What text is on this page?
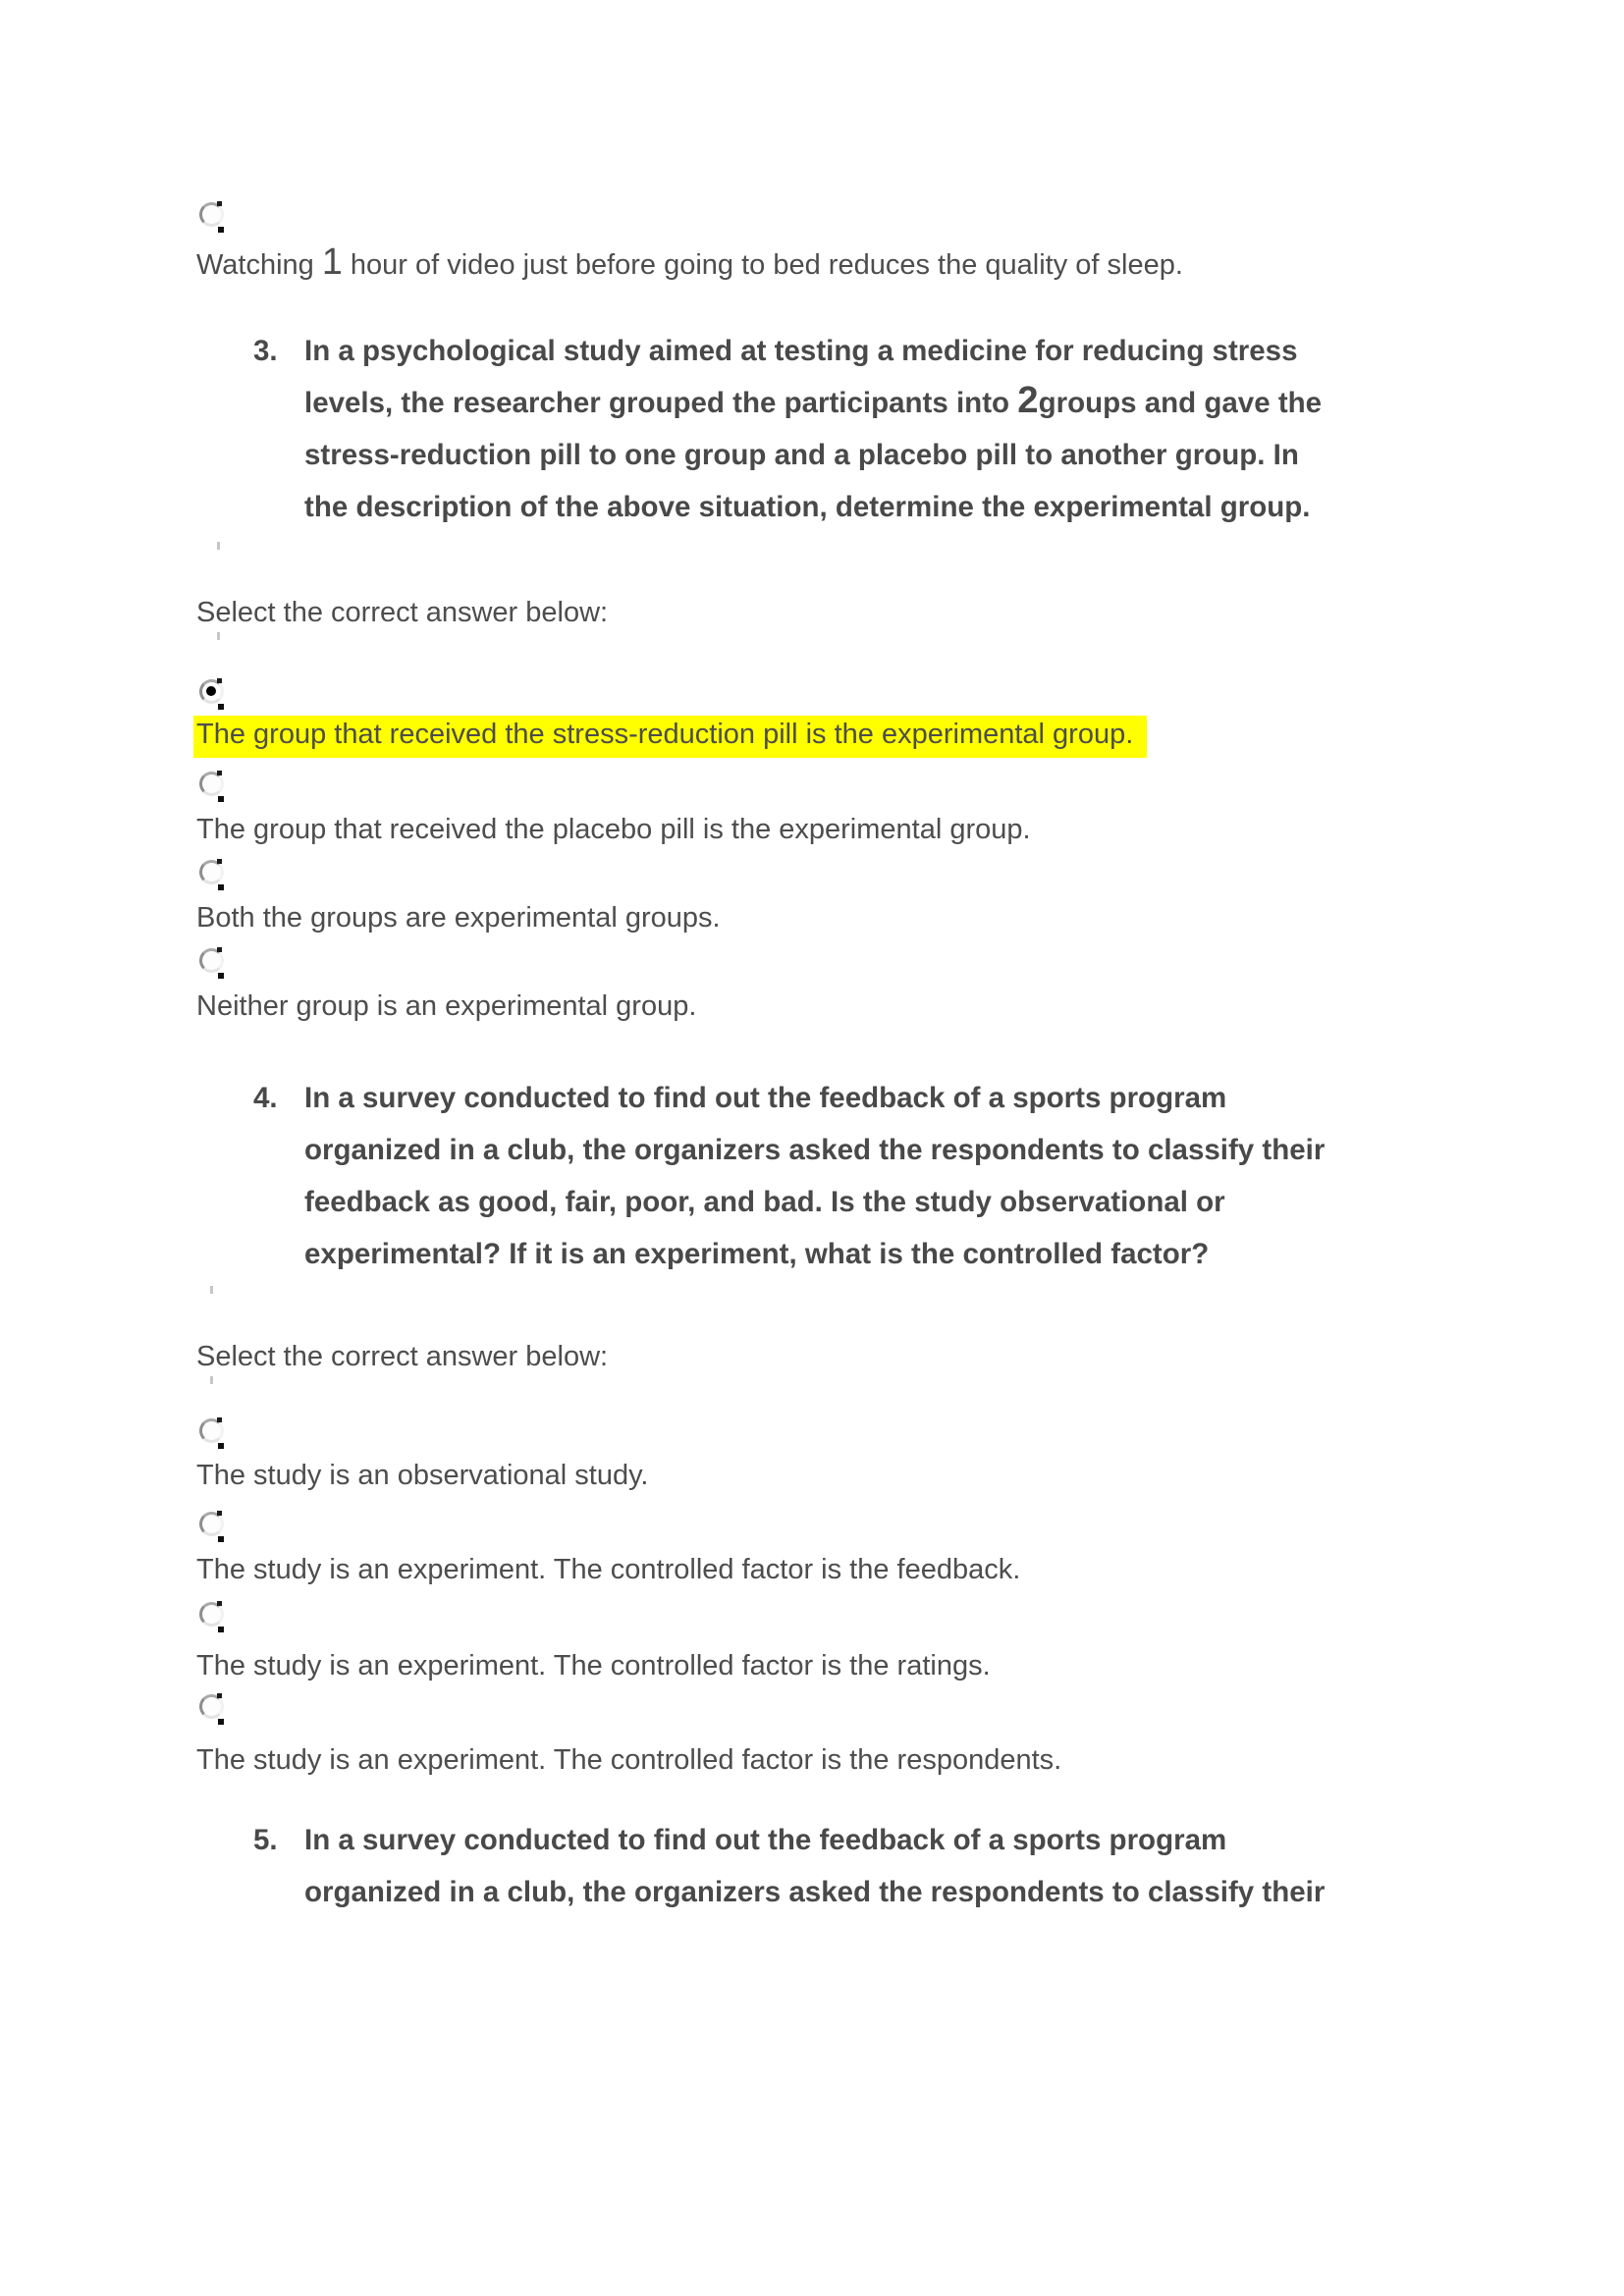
Watching 1 hour of video just before going to bed reduces the quality of sleep.
3. In a psychological study aimed at testing a medicine for reducing stress
levels, the researcher grouped the participants into 2groups and gave the
stress-reduction pill to one group and a placebo pill to another group. In
the description of the above situation, determine the experimental group.
Select the correct answer below:
The group that received the stress-reduction pill is the experimental group.
The group that received the placebo pill is the experimental group.
Both the groups are experimental groups.
Neither group is an experimental group.
4. In a survey conducted to find out the feedback of a sports program
organized in a club, the organizers asked the respondents to classify their
feedback as good, fair, poor, and bad. Is the study observational or
experimental? If it is an experiment, what is the controlled factor?
Select the correct answer below:
The study is an observational study.
The study is an experiment. The controlled factor is the feedback.
The study is an experiment. The controlled factor is the ratings.
The study is an experiment. The controlled factor is the respondents.
5. In a survey conducted to find out the feedback of a sports program
organized in a club, the organizers asked the respondents to classify their
